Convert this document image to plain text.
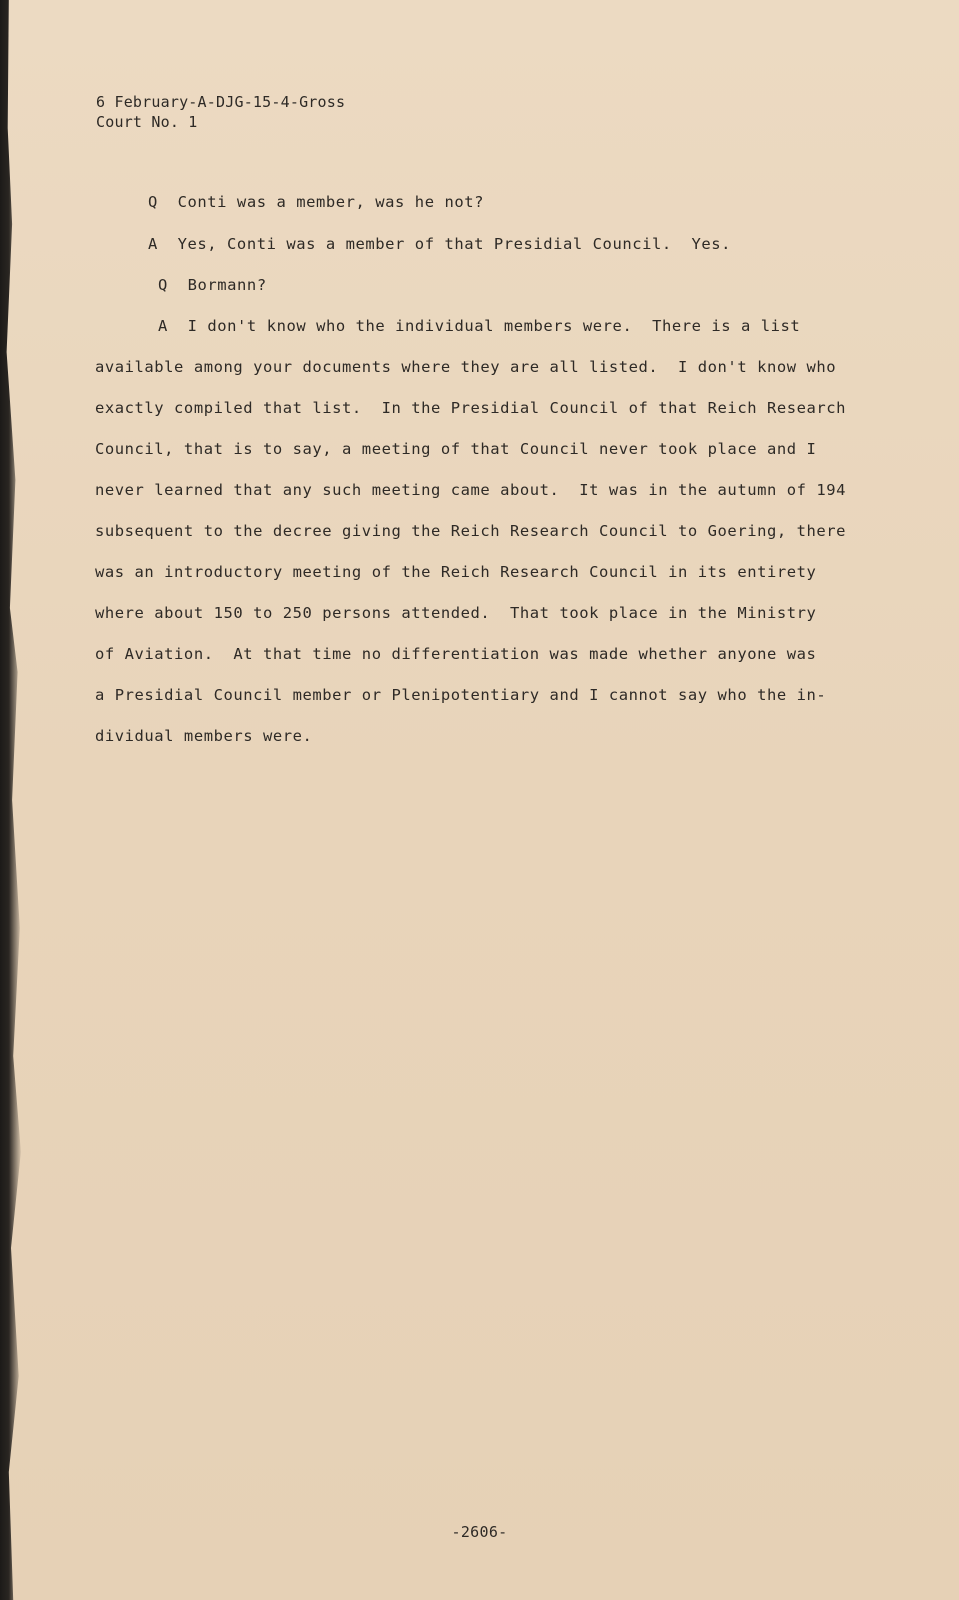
6 February-A-DJG-15-4-Gross
Court No. 1
Q  Conti was a member, was he not?
A  Yes, Conti was a member of that Presidial Council.  Yes.
Q  Bormann?
A  I don't know who the individual members were.  There is a list
available among your documents where they are all listed.  I don't know who
exactly compiled that list.  In the Presidial Council of that Reich Research
Council, that is to say, a meeting of that Council never took place and I
never learned that any such meeting came about.  It was in the autumn of 194
subsequent to the decree giving the Reich Research Council to Goering, there
was an introductory meeting of the Reich Research Council in its entirety
where about 150 to 250 persons attended.  That took place in the Ministry
of Aviation.  At that time no differentiation was made whether anyone was
a Presidial Council member or Plenipotentiary and I cannot say who the in-
dividual members were.
-2606-
